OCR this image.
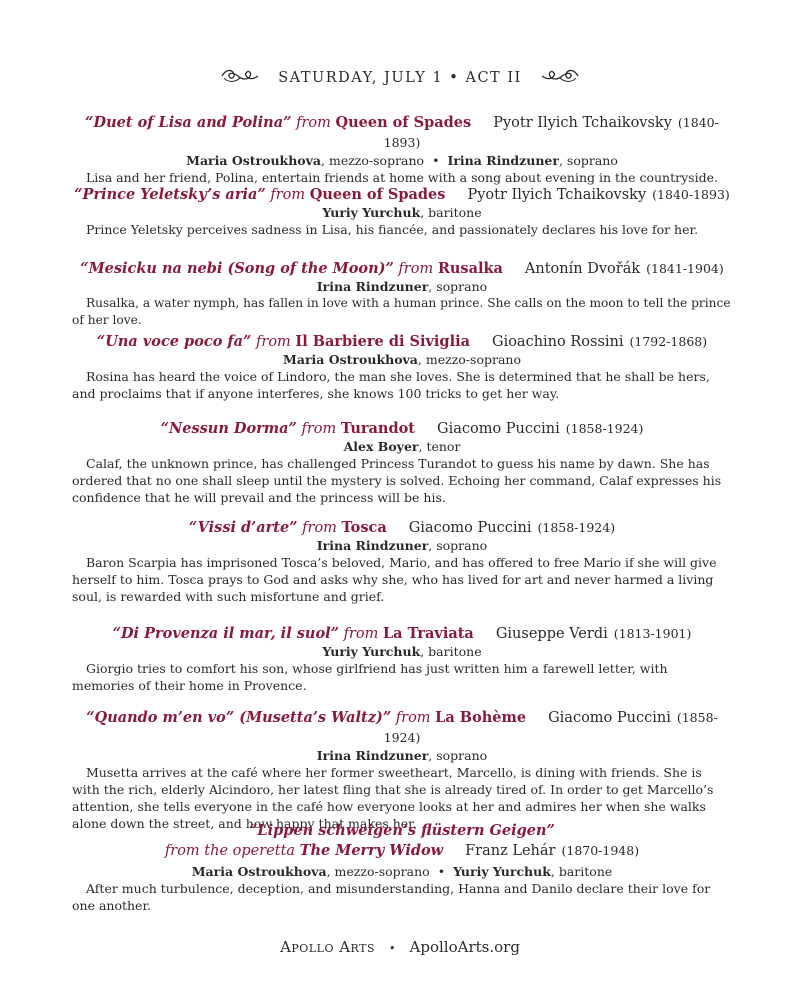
SATURDAY, JULY 1 • ACT II
“Duet of Lisa and Polina” from Queen of Spades Pyotr Ilyich Tchaikovsky (1840-1893)
Maria Ostroukhova, mezzo-soprano • Irina Rindzuner, soprano

Lisa and her friend, Polina, entertain friends at home with a song about evening in the countryside.

“Prince Yeletsky’s aria” from Queen of Spades Pyotr Ilyich Tchaikovsky (1840-1893)
Yuriy Yurchuk, baritone

Prince Yeletsky perceives sadness in Lisa, his fiancée, and passionately declares his love for her.

“Mesicku na nebi (Song of the Moon)” from Rusalka Antonín Dvořák (1841-1904)
Irina Rindzuner, soprano

Rusalka, a water nymph, has fallen in love with a human prince. She calls on the moon to tell the prince of her love.

“Una voce poco fa” from Il Barbiere di Siviglia Gioachino Rossini (1792-1868)
Maria Ostroukhova, mezzo-soprano

Rosina has heard the voice of Lindoro, the man she loves. She is determined that he shall be hers, and proclaims that if anyone interferes, she knows 100 tricks to get her way.

“Nessun Dorma” from Turandot Giacomo Puccini (1858-1924)
Alex Boyer, tenor

Calaf, the unknown prince, has challenged Princess Turandot to guess his name by dawn. She has ordered that no one shall sleep until the mystery is solved. Echoing her command, Calaf expresses his confidence that he will prevail and the princess will be his.

“Vissi d’arte” from Tosca Giacomo Puccini (1858-1924)
Irina Rindzuner, soprano

Baron Scarpia has imprisoned Tosca’s beloved, Mario, and has offered to free Mario if she will give herself to him. Tosca prays to God and asks why she, who has lived for art and never harmed a living soul, is rewarded with such misfortune and grief.

“Di Provenza il mar, il suol” from La Traviata Giuseppe Verdi (1813-1901)
Yuriy Yurchuk, baritone

Giorgio tries to comfort his son, whose girlfriend has just written him a farewell letter, with memories of their home in Provence.

“Quando m’en vo” (Musetta’s Waltz)” from La Bohème Giacomo Puccini (1858-1924)
Irina Rindzuner, soprano

Musetta arrives at the café where her former sweetheart, Marcello, is dining with friends. She is with the rich, elderly Alcindoro, her latest fling that she is already tired of. In order to get Marcello’s attention, she tells everyone in the café how everyone looks at her and admires her when she walks alone down the street, and how happy that makes her.

“Lippen schweigen’s flüstern Geigen”
from the operetta The Merry Widow Franz Lehár (1870-1948)
Maria Ostroukhova, mezzo-soprano • Yuriy Yurchuk, baritone

After much turbulence, deception, and misunderstanding, Hanna and Danilo declare their love for one another.

Apollo Arts • ApolloArts.org
